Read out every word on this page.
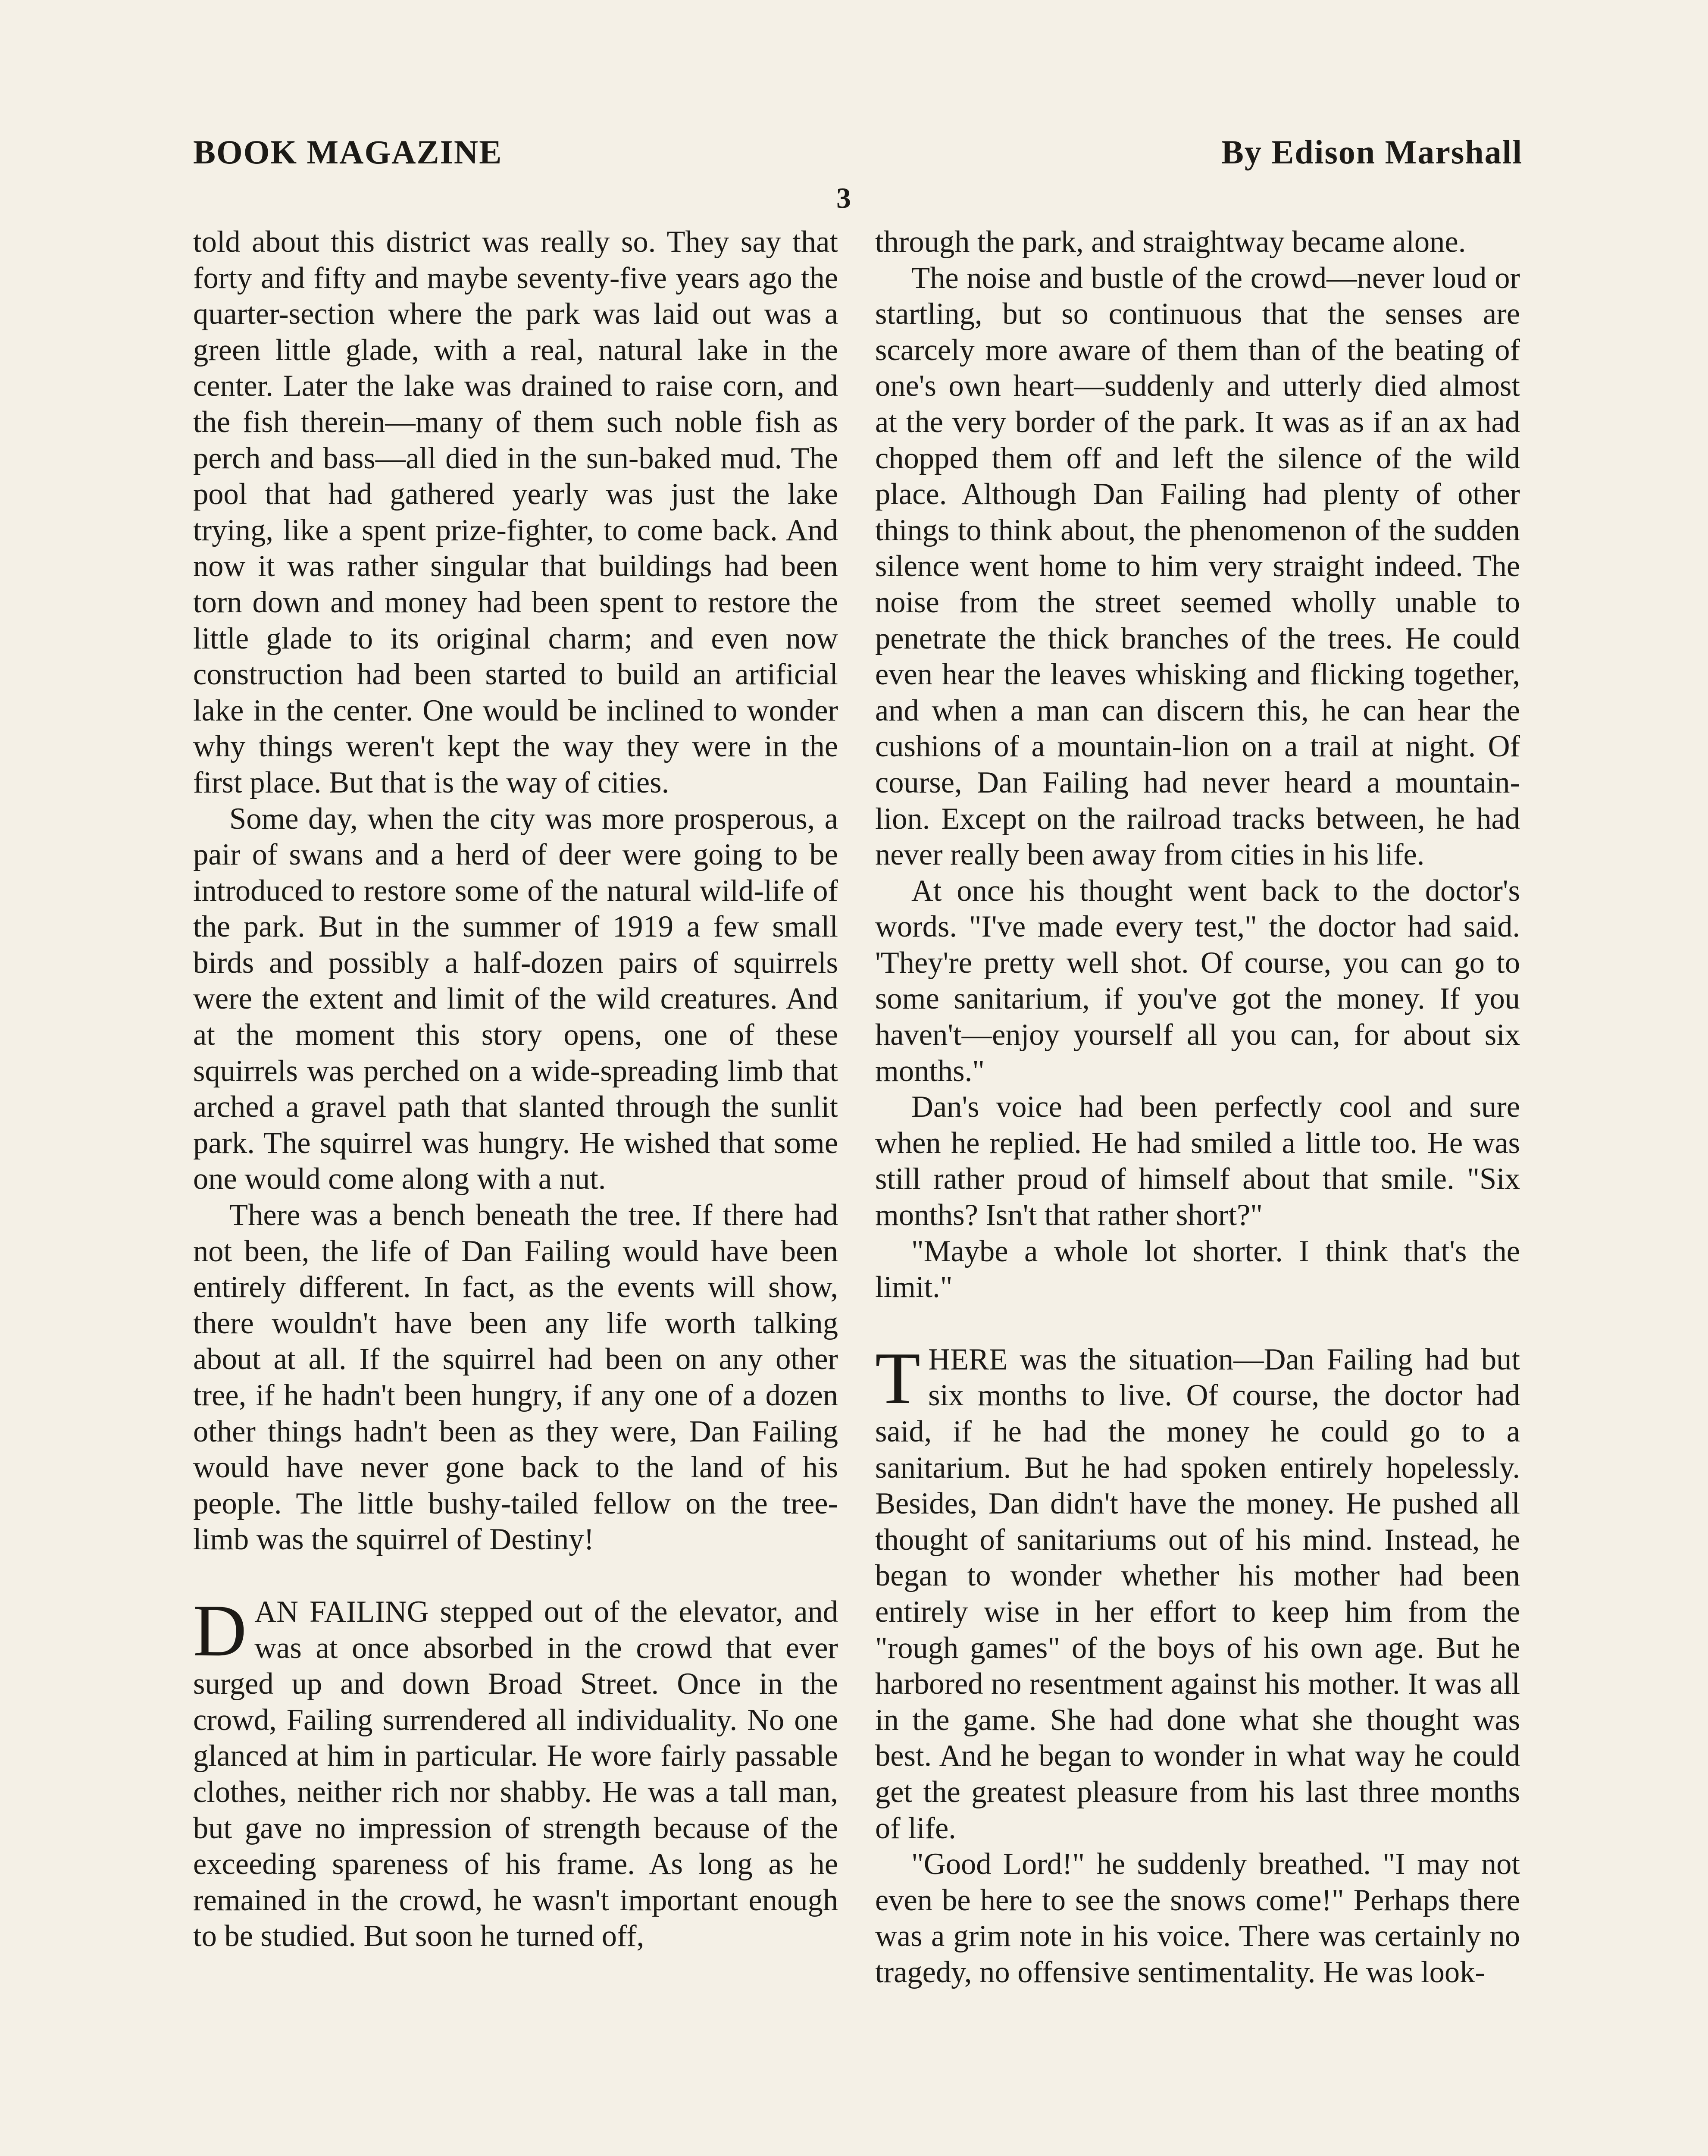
BOOK MAGAZINE	By Edison Marshall
3

told about this district was really so. They say that forty and fifty and maybe seventy-five years ago the quarter-section where the park was laid out was a green little glade, with a real, natural lake in the center. Later the lake was drained to raise corn, and the fish therein—many of them such noble fish as perch and bass—all died in the sun-baked mud. The pool that had gathered yearly was just the lake trying, like a spent prize-fighter, to come back. And now it was rather singular that buildings had been torn down and money had been spent to restore the little glade to its original charm; and even now construction had been started to build an artificial lake in the center. One would be inclined to wonder why things weren't kept the way they were in the first place. But that is the way of cities.

Some day, when the city was more prosperous, a pair of swans and a herd of deer were going to be introduced to restore some of the natural wild-life of the park. But in the summer of 1919 a few small birds and possibly a half-dozen pairs of squirrels were the extent and limit of the wild creatures. And at the moment this story opens, one of these squirrels was perched on a wide-spreading limb that arched a gravel path that slanted through the sunlit park. The squirrel was hungry. He wished that some one would come along with a nut.

There was a bench beneath the tree. If there had not been, the life of Dan Failing would have been entirely different. In fact, as the events will show, there wouldn't have been any life worth talking about at all. If the squirrel had been on any other tree, if he hadn't been hungry, if any one of a dozen other things hadn't been as they were, Dan Failing would have never gone back to the land of his people. The little bushy-tailed fellow on the tree-limb was the squirrel of Destiny!

DAN FAILING stepped out of the elevator, and was at once absorbed in the crowd that ever surged up and down Broad Street. Once in the crowd, Failing surrendered all individuality. No one glanced at him in particular. He wore fairly passable clothes, neither rich nor shabby. He was a tall man, but gave no impression of strength because of the exceeding spareness of his frame. As long as he remained in the crowd, he wasn't important enough to be studied. But soon he turned off,

through the park, and straightway became alone.

The noise and bustle of the crowd—never loud or startling, but so continuous that the senses are scarcely more aware of them than of the beating of one's own heart—suddenly and utterly died almost at the very border of the park. It was as if an ax had chopped them off and left the silence of the wild place. Although Dan Failing had plenty of other things to think about, the phenomenon of the sudden silence went home to him very straight indeed. The noise from the street seemed wholly unable to penetrate the thick branches of the trees. He could even hear the leaves whisking and flicking together, and when a man can discern this, he can hear the cushions of a mountain-lion on a trail at night. Of course, Dan Failing had never heard a mountain-lion. Except on the railroad tracks between, he had never really been away from cities in his life.

At once his thought went back to the doctor's words. "I've made every test," the doctor had said. 'They're pretty well shot. Of course, you can go to some sanitarium, if you've got the money. If you haven't—enjoy yourself all you can, for about six months."

Dan's voice had been perfectly cool and sure when he replied. He had smiled a little too. He was still rather proud of himself about that smile. "Six months? Isn't that rather short?"

"Maybe a whole lot shorter. I think that's the limit."

THERE was the situation—Dan Failing had but six months to live. Of course, the doctor had said, if he had the money he could go to a sanitarium. But he had spoken entirely hopelessly. Besides, Dan didn't have the money. He pushed all thought of sanitariums out of his mind. Instead, he began to wonder whether his mother had been entirely wise in her effort to keep him from the "rough games" of the boys of his own age. But he harbored no resentment against his mother. It was all in the game. She had done what she thought was best. And he began to wonder in what way he could get the greatest pleasure from his last three months of life.

"Good Lord!" he suddenly breathed. "I may not even be here to see the snows come!" Perhaps there was a grim note in his voice. There was certainly no tragedy, no offensive sentimentality. He was look-
